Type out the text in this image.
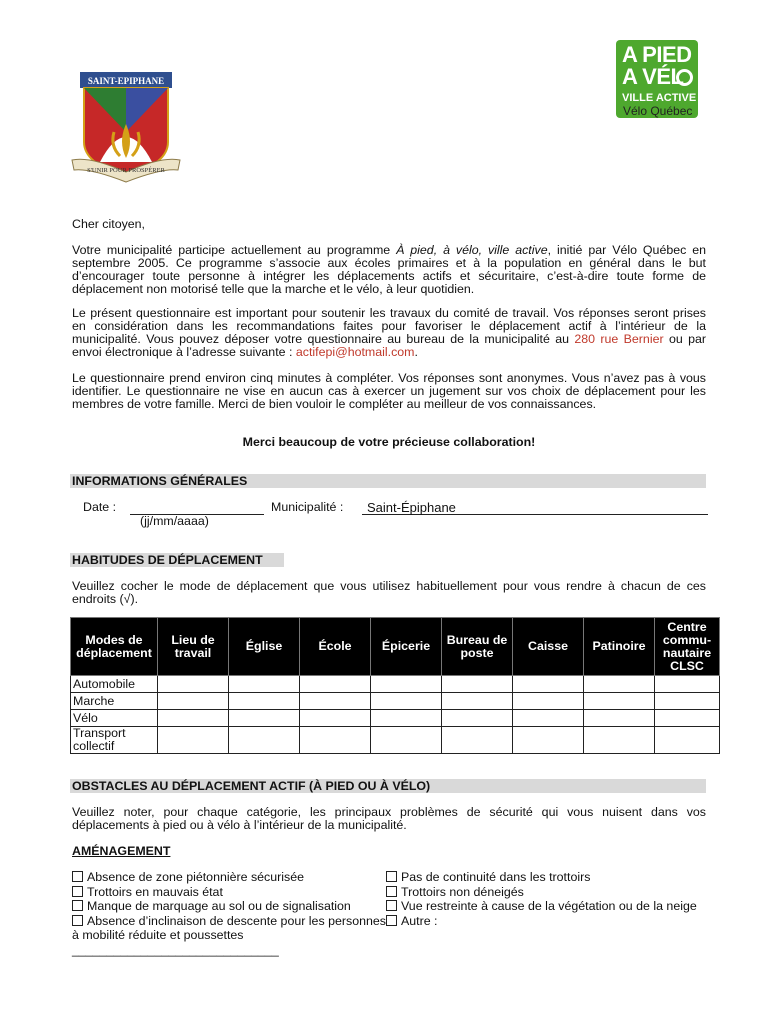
SAINT-EPIPHANE
S'UNIR POUR PROSPÉRER
A PIED
A VÉL
VILLE ACTIVE
Vélo Québec
Cher citoyen,
Votre municipalité participe actuellement au programme À pied, à vélo, ville active, initié par Vélo Québec en septembre 2005. Ce programme s’associe aux écoles primaires et à la population en général dans le but d’encourager toute personne à intégrer les déplacements actifs et sécuritaire, c’est-à-dire toute forme de déplacement non motorisé telle que la marche et le vélo, à leur quotidien.
Le présent questionnaire est important pour soutenir les travaux du comité de travail. Vos réponses seront prises en considération dans les recommandations faites pour favoriser le déplacement actif à l’intérieur de la municipalité. Vous pouvez déposer votre questionnaire au bureau de la municipalité au 280 rue Bernier ou par envoi électronique à l’adresse suivante : actifepi@hotmail.com.
Le questionnaire prend environ cinq minutes à compléter. Vos réponses sont anonymes. Vous n’avez pas à vous identifier. Le questionnaire ne vise en aucun cas à exercer un jugement sur vos choix de déplacement pour les membres de votre famille. Merci de bien vouloir le compléter au meilleur de vos connaissances.
Merci beaucoup de votre précieuse collaboration!
INFORMATIONS GÉNÉRALES
Date :
(jj/mm/aaaa)
Municipalité : Saint-Épiphane
HABITUDES DE DÉPLACEMENT
Veuillez cocher le mode de déplacement que vous utilisez habituellement pour vous rendre à chacun de ces endroits (√).
Modes de déplacement	Lieu de travail	Église	École	Épicerie	Bureau de poste	Caisse	Patinoire	Centre commu-nautaire CLSC
Automobile								
Marche								
Vélo								
Transport collectif								
OBSTACLES AU DÉPLACEMENT ACTIF (À PIED OU À VÉLO)
Veuillez noter, pour chaque catégorie, les principaux problèmes de sécurité qui vous nuisent dans vos déplacements à pied ou à vélo à l’intérieur de la municipalité.
AMÉNAGEMENT
Absence de zone piétonnière sécurisée
Trottoirs en mauvais état
Manque de marquage au sol ou de signalisation
Absence d’inclinaison de descente pour les personnes à mobilité réduite et poussettes
______________________________
Pas de continuité dans les trottoirs
Trottoirs non déneigés
Vue restreinte à cause de la végétation ou de la neige
Autre :
